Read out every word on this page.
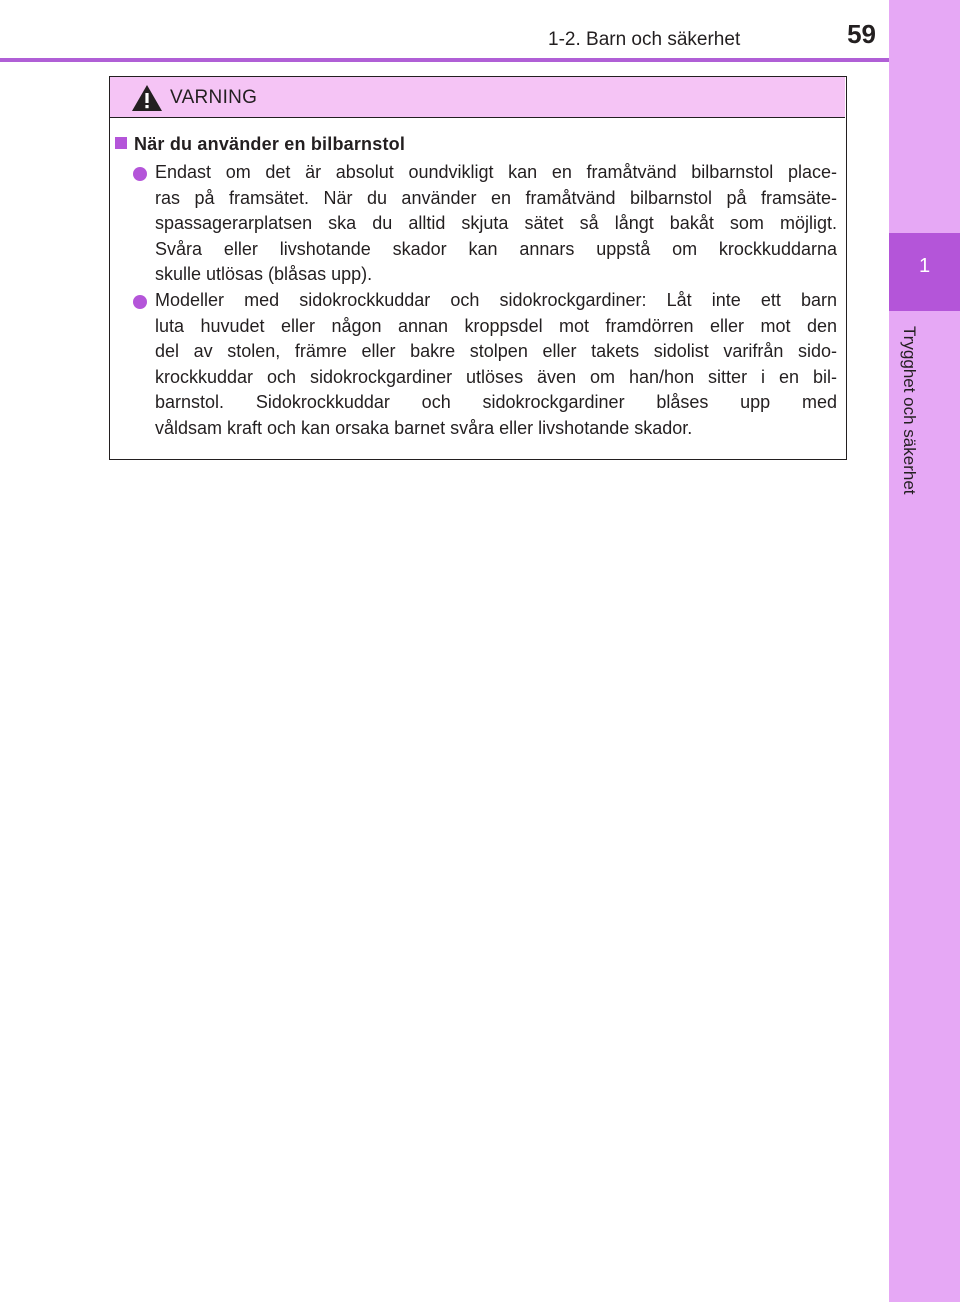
1-2. Barn och säkerhet	59
1
Trygghet och säkerhet
VARNING
När du använder en bilbarnstol
Endast om det är absolut oundvikligt kan en framåtvänd bilbarnstol place-
ras på framsätet. När du använder en framåtvänd bilbarnstol på framsäte-
spassagerarplatsen ska du alltid skjuta sätet så långt bakåt som möjligt.
Svåra eller livshotande skador kan annars uppstå om krockkuddarna
skulle utlösas (blåsas upp).
Modeller med sidokrockkuddar och sidokrockgardiner: Låt inte ett barn
luta huvudet eller någon annan kroppsdel mot framdörren eller mot den
del av stolen, främre eller bakre stolpen eller takets sidolist varifrån sido-
krockkuddar och sidokrockgardiner utlöses även om han/hon sitter i en bil-
barnstol. Sidokrockkuddar och sidokrockgardiner blåses upp med
våldsam kraft och kan orsaka barnet svåra eller livshotande skador.
